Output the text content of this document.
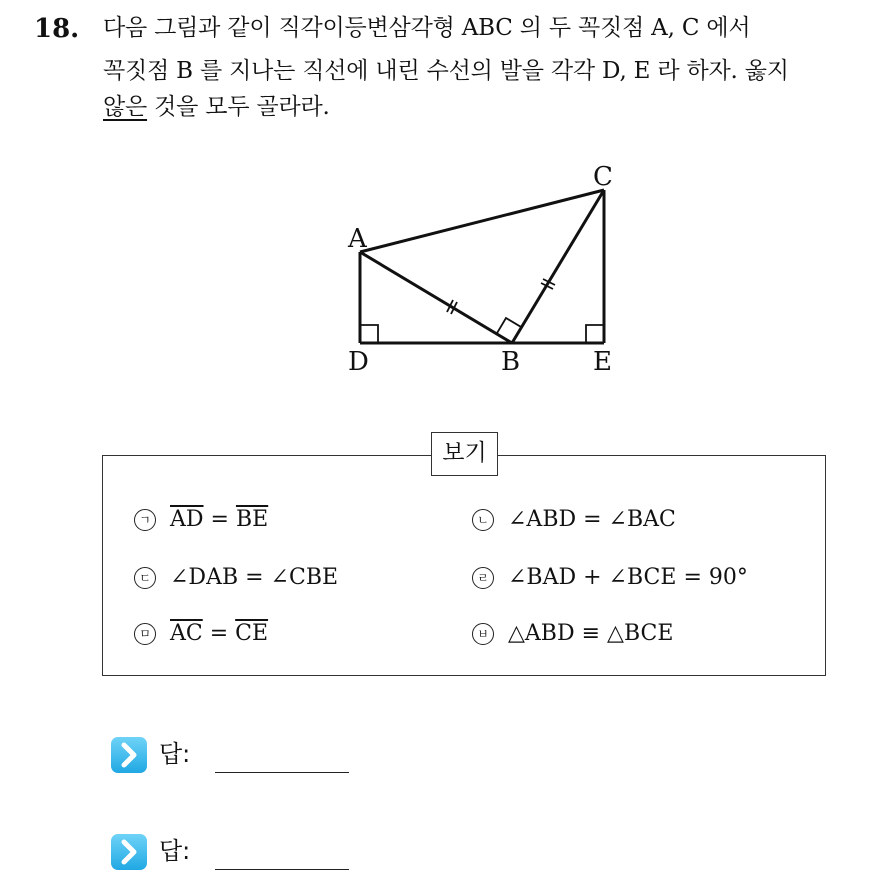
18. 다음 그림과 같이 직각이등변삼각형 ABC 의 두 꼭짓점 A, C 에서
꼭짓점 B 를 지나는 직선에 내린 수선의 발을 각각 D, E 라 하자. 옳지
않은 것을 모두 골라라.
A
C
D	B	E
보기
ㄱ $\overline{AD} = \overline{BE}$	ㄴ ∠ABD = ∠BAC
ㄷ ∠DAB = ∠CBE	ㄹ ∠BAD + ∠BCE = 90°
ㅁ $\overline{AC} = \overline{CE}$	ㅂ △ABD ≡ △BCE
답:
답:
